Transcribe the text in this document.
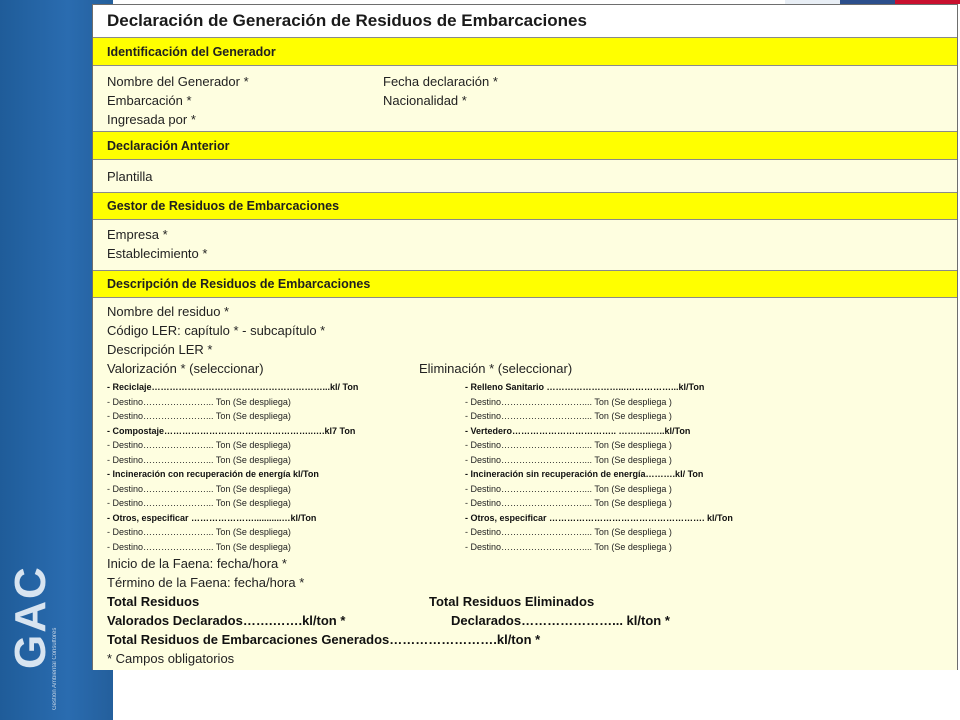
GAC
Gestión Ambiental Consultores
Declaración de Generación de Residuos de Embarcaciones
Identificación del Generador
Nombre del Generador *	Fecha declaración *
Embarcación *	Nacionalidad *
Ingresada por *
Declaración Anterior
Plantilla
Gestor de Residuos de Embarcaciones
Empresa *
Establecimiento *
Descripción de Residuos de Embarcaciones
Nombre del residuo *
Código LER: capítulo * - subcapítulo *
Descripción LER *
Valorización * (seleccionar)	Eliminación * (seleccionar)
- Reciclaje…………………………………………………...kl/ Ton
- Destino…………………... Ton (Se despliega)
- Destino…………………... Ton (Se despliega)
- Compostaje…………………………………………..….kl7 Ton
- Destino…………………... Ton (Se despliega)
- Destino…………………... Ton (Se despliega)
- Incineración con recuperación de energía kl/Ton
- Destino…………………... Ton (Se despliega)
- Destino…………………... Ton (Se despliega)
- Otros, especificar …………………...........…kl/Ton
- Destino…………………... Ton (Se despliega)
- Destino…………………... Ton (Se despliega)
- Relleno Sanitario ……………………...……………...kl/Ton
- Destino……………………….... Ton (Se despliega )
- Destino……………………….... Ton (Se despliega )
- Vertedero…………………………….. ………..…..kl/Ton
- Destino……………………….... Ton (Se despliega )
- Destino……………………….... Ton (Se despliega )
- Incineración sin recuperación de energía……….kl/ Ton
- Destino……………………….... Ton (Se despliega )
- Destino……………………….... Ton (Se despliega )
- Otros, especificar ……………………………………………. kl/Ton
- Destino……………………….... Ton (Se despliega )
- Destino……………………….... Ton (Se despliega )
Inicio de la Faena: fecha/hora *
Término de la Faena: fecha/hora *
Total Residuos	Total Residuos Eliminados
Valorados Declarados…….…….kl/ton *	Declarados…………………... kl/ton *
Total Residuos de Embarcaciones Generados…………………….kl/ton *
* Campos obligatorios
